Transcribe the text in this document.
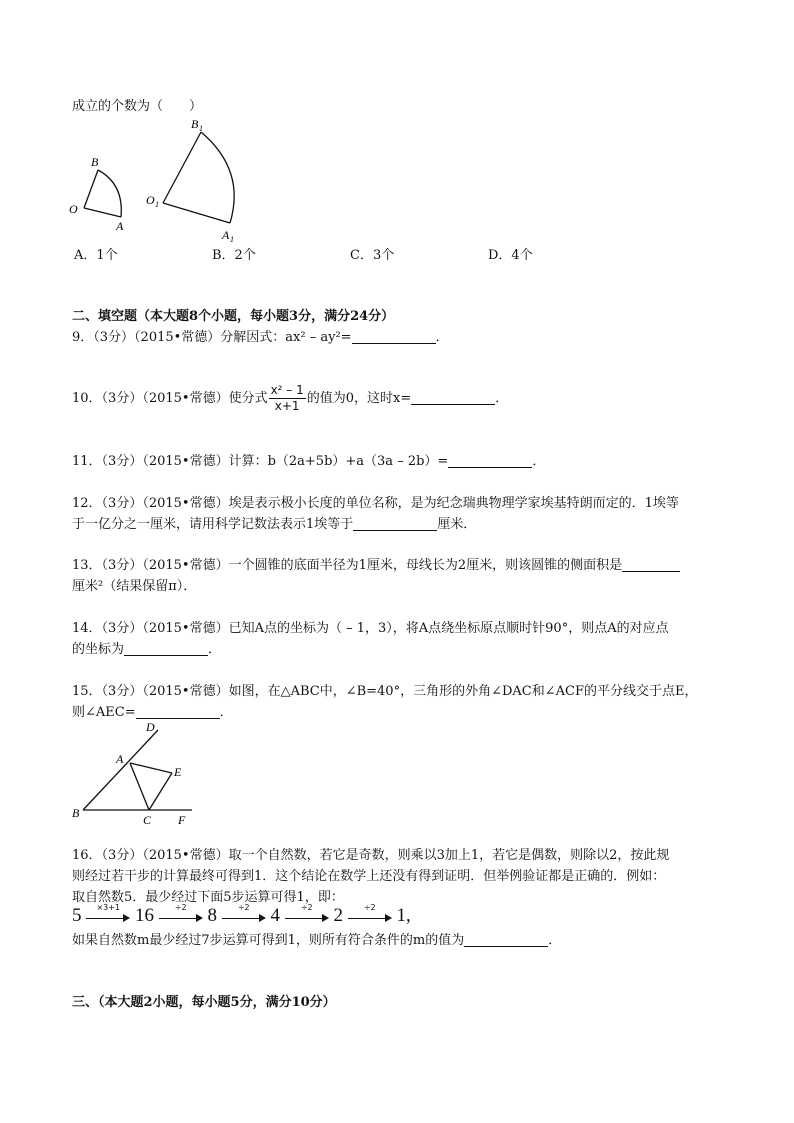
成立的个数为（　　）
B
O
A
B 1
O 1
A 1
A．1个	B．2个	C．3个	D．4个
二、填空题（本大题8个小题，每小题3分，满分24分）
9．（3分）（2015•常德）分解因式：ax² – ay²=	．
10．（3分）（2015•常德）使分式 $\frac{\text{x² – 1}}{x+1}$ 的值为0，这时x=	．
11．（3分）（2015•常德）计算：b（2a+5b）+a（3a – 2b）=	．
12．（3分）（2015•常德）埃是表示极小长度的单位名称，是为纪念瑞典物理学家埃基特朗而定的．1埃等
于一亿分之一厘米，请用科学记数法表示1埃等于	厘米．
13．（3分）（2015•常德）一个圆锥的底面半径为1厘米，母线长为2厘米，则该圆锥的侧面积是
厘米²（结果保留π）．
14．（3分）（2015•常德）已知A点的坐标为（ – 1，3），将A点绕坐标原点顺时针90°，则点A的对应点
的坐标为	．
15．（3分）（2015•常德）如图，在△ABC中，∠B=40°，三角形的外角∠DAC和∠ACF的平分线交于点E，
则∠AEC=	．
D
A
E
B	C F
16．（3分）（2015•常德）取一个自然数，若它是奇数，则乘以3加上1，若它是偶数，则除以2，按此规
则经过若干步的计算最终可得到1．这个结论在数学上还没有得到证明．但举例验证都是正确的．例如：
取自然数5．最少经过下面5步运算可得1，即：
5	×3+1 16	÷2	8	÷2	4	÷2	2	÷2	1,
如果自然数m最少经过7步运算可得到1，则所有符合条件的m的值为	．
三、（本大题2小题，每小题5分，满分10分）
